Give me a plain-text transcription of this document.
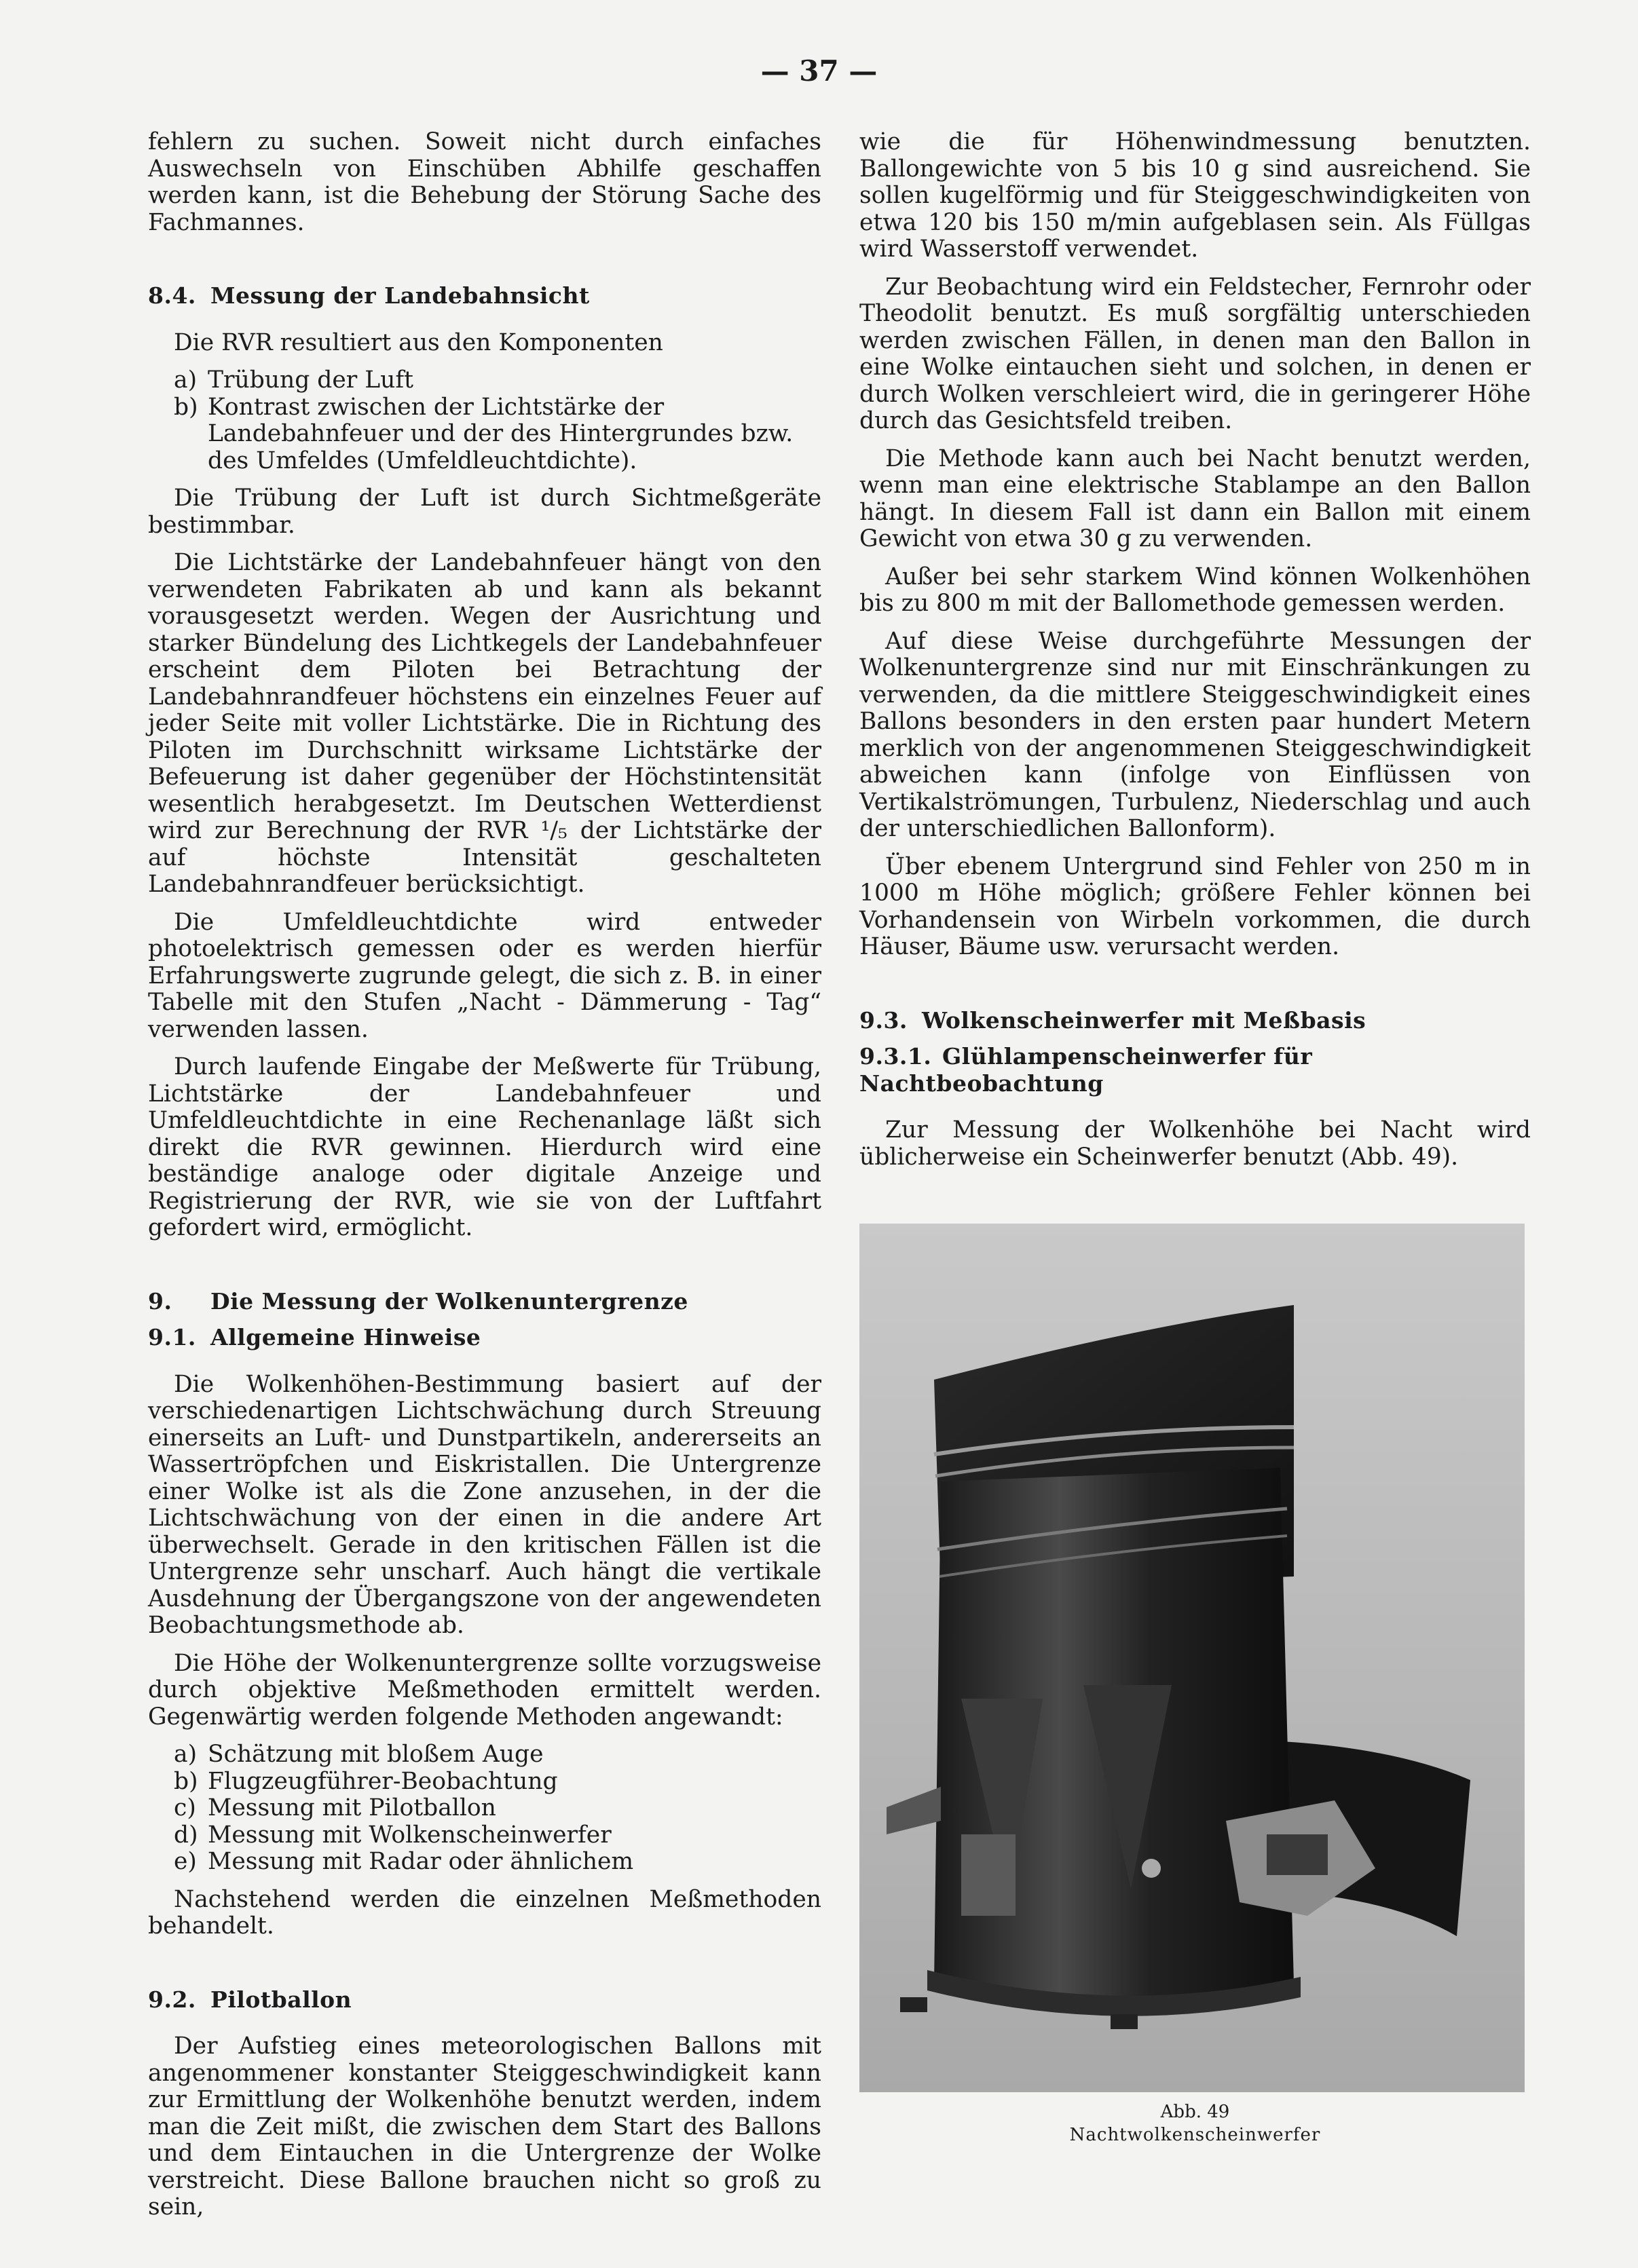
— 37 —

fehlern zu suchen. Soweit nicht durch einfaches Auswechseln von Einschüben Abhilfe geschaffen werden kann, ist die Behebung der Störung Sache des Fachmannes.

8.4. Messung der Landebahnsicht

Die RVR resultiert aus den Komponenten

a) Trübung der Luft
b) Kontrast zwischen der Lichtstärke der Landebahnfeuer und der des Hintergrundes bzw. des Umfeldes (Umfeldleuchtdichte).

Die Trübung der Luft ist durch Sichtmeßgeräte bestimmbar.

Die Lichtstärke der Landebahnfeuer hängt von den verwendeten Fabrikaten ab und kann als bekannt vorausgesetzt werden. Wegen der Ausrichtung und starker Bündelung des Lichtkegels der Landebahnfeuer erscheint dem Piloten bei Betrachtung der Landebahnrandfeuer höchstens ein einzelnes Feuer auf jeder Seite mit voller Lichtstärke. Die in Richtung des Piloten im Durchschnitt wirksame Lichtstärke der Befeuerung ist daher gegenüber der Höchstintensität wesentlich herabgesetzt. Im Deutschen Wetterdienst wird zur Berechnung der RVR ¹/₅ der Lichtstärke der auf höchste Intensität geschalteten Landebahnrandfeuer berücksichtigt.

Die Umfeldleuchtdichte wird entweder photoelektrisch gemessen oder es werden hierfür Erfahrungswerte zugrunde gelegt, die sich z. B. in einer Tabelle mit den Stufen „Nacht - Dämmerung - Tag“ verwenden lassen.

Durch laufende Eingabe der Meßwerte für Trübung, Lichtstärke der Landebahnfeuer und Umfeldleuchtdichte in eine Rechenanlage läßt sich direkt die RVR gewinnen. Hierdurch wird eine beständige analoge oder digitale Anzeige und Registrierung der RVR, wie sie von der Luftfahrt gefordert wird, ermöglicht.

9. Die Messung der Wolkenuntergrenze
9.1. Allgemeine Hinweise

Die Wolkenhöhen-Bestimmung basiert auf der verschiedenartigen Lichtschwächung durch Streuung einerseits an Luft- und Dunstpartikeln, andererseits an Wassertröpfchen und Eiskristallen. Die Untergrenze einer Wolke ist als die Zone anzusehen, in der die Lichtschwächung von der einen in die andere Art überwechselt. Gerade in den kritischen Fällen ist die Untergrenze sehr unscharf. Auch hängt die vertikale Ausdehnung der Übergangszone von der angewendeten Beobachtungsmethode ab.

Die Höhe der Wolkenuntergrenze sollte vorzugsweise durch objektive Meßmethoden ermittelt werden. Gegenwärtig werden folgende Methoden angewandt:

a) Schätzung mit bloßem Auge
b) Flugzeugführer-Beobachtung
c) Messung mit Pilotballon
d) Messung mit Wolkenscheinwerfer
e) Messung mit Radar oder ähnlichem

Nachstehend werden die einzelnen Meßmethoden behandelt.

9.2. Pilotballon

Der Aufstieg eines meteorologischen Ballons mit angenommener konstanter Steiggeschwindigkeit kann zur Ermittlung der Wolkenhöhe benutzt werden, indem man die Zeit mißt, die zwischen dem Start des Ballons und dem Eintauchen in die Untergrenze der Wolke verstreicht. Diese Ballone brauchen nicht so groß zu sein,

wie die für Höhenwindmessung benutzten. Ballongewichte von 5 bis 10 g sind ausreichend. Sie sollen kugelförmig und für Steiggeschwindigkeiten von etwa 120 bis 150 m/min aufgeblasen sein. Als Füllgas wird Wasserstoff verwendet.

Zur Beobachtung wird ein Feldstecher, Fernrohr oder Theodolit benutzt. Es muß sorgfältig unterschieden werden zwischen Fällen, in denen man den Ballon in eine Wolke eintauchen sieht und solchen, in denen er durch Wolken verschleiert wird, die in geringerer Höhe durch das Gesichtsfeld treiben.

Die Methode kann auch bei Nacht benutzt werden, wenn man eine elektrische Stablampe an den Ballon hängt. In diesem Fall ist dann ein Ballon mit einem Gewicht von etwa 30 g zu verwenden.

Außer bei sehr starkem Wind können Wolkenhöhen bis zu 800 m mit der Ballomethode gemessen werden.

Auf diese Weise durchgeführte Messungen der Wolkenuntergrenze sind nur mit Einschränkungen zu verwenden, da die mittlere Steiggeschwindigkeit eines Ballons besonders in den ersten paar hundert Metern merklich von der angenommenen Steiggeschwindigkeit abweichen kann (infolge von Einflüssen von Vertikalströmungen, Turbulenz, Niederschlag und auch der unterschiedlichen Ballonform).

Über ebenem Untergrund sind Fehler von 250 m in 1000 m Höhe möglich; größere Fehler können bei Vorhandensein von Wirbeln vorkommen, die durch Häuser, Bäume usw. verursacht werden.

9.3. Wolkenscheinwerfer mit Meßbasis
9.3.1. Glühlampenscheinwerfer für Nachtbeobachtung

Zur Messung der Wolkenhöhe bei Nacht wird üblicherweise ein Scheinwerfer benutzt (Abb. 49).

Abb. 49
Nachtwolkenscheinwerfer
